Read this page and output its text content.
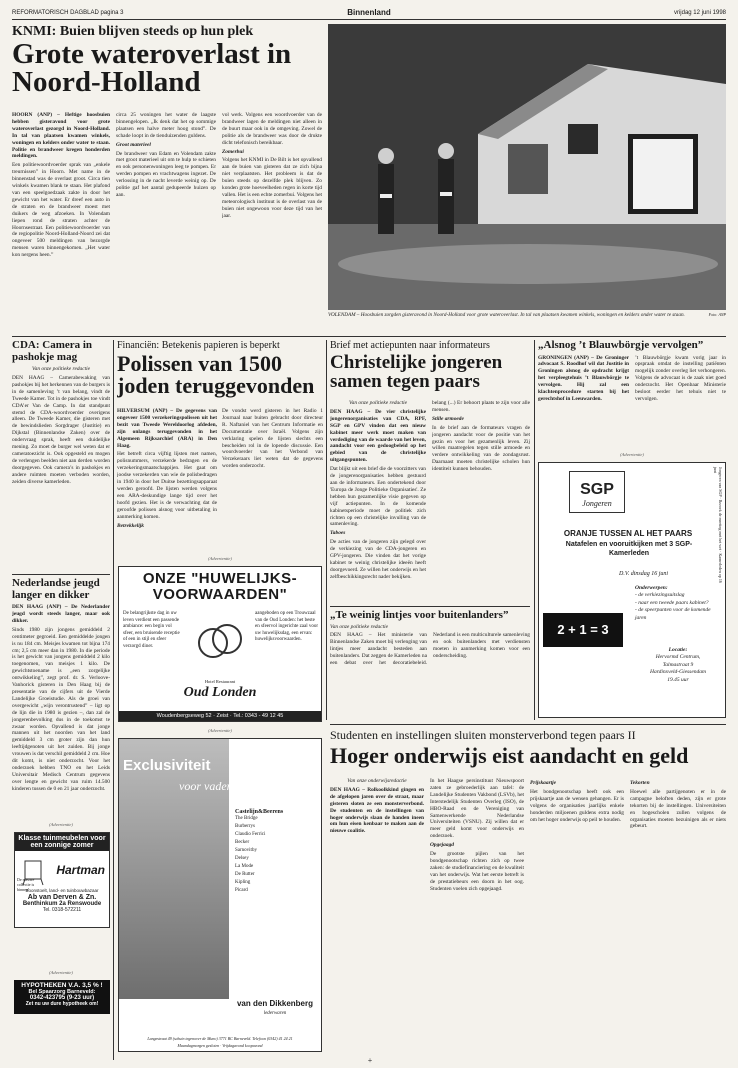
REFORMATORISCH DAGBLAD pagina 3	Binnenland	vrijdag 12 juni 1998
KNMI: Buien blijven steeds op hun plek
Grote wateroverlast in Noord-Holland

HOORN (ANP) – Heftige hoosbuien hebben gisteravond voor grote wateroverlast gezorgd in Noord-Holland. In tal van plaatsen kwamen winkels, woningen en kelders onder water te staan. Politie en brandweer kregen honderden meldingen.

Een politiewoordvoerder sprak van „enkele treurnissen” in Hoorn. Met name in de binnenstad was de overlast groot. Circa tien winkels kwamen blank te staan. Het plafond van een speelgoedzaak zakte in door het gewicht van het water. Er dreef een auto in de straten en de brandweer moest met duikers de weg afzoeken. In Volendam liepen rond de straten achter de Hoornsestraat. Een politiewoordvoerder van de regiopolitie Noord-Holland-Noord zei dat ongeveer 500 meldingen van bezorgde mensen waren binnengekomen. „Het water kon nergens heen.”

circa 25 woningen het water de laagste binnengelopen. „Ik denk dat het op sommige plaatsen een halve meter hoog stond”. De schade loopt in de tienduizenden guldens.

Groot materieel

De brandweer van Edam en Volendam zakte met groot materieel uit om te hulp te schieten en ook personenwoningen leeg te pompen. Er werden pompen en vrachtwagens ingezet. De verlossing in de nacht leverde weinig op. De politie gaf het aantal gedupeerde huizen op aan.

vol werk. Volgens een woordvoerder van de brandweer lagen de meldingen niet alleen in de buurt maar ook in de omgeving. Zowel de politie als de brandweer was door de drukte dicht telefonisch bereikbaar.

Zomerbui

Volgens het KNMI in De Bilt is het opvallend aan de buien van gisteren dat ze zich bijna niet verplaatsten. Het probleem is dat de buien steeds op dezelfde plek blijven. Zo konden grote hoeveelheden regen in korte tijd vallen. Het is een echte zomerbui. Volgens het meteorologisch instituut is de overlast van de buien niet ongewoon voor deze tijd van het jaar.

VOLENDAM – Hoosbuien zorgden gisteravond in Noord-Holland voor grote wateroverlast. In tal van plaatsen kwamen winkels, woningen en kelders onder water te staan.	Foto: ANP
CDA: Camera in pashokje mag
Van onze politieke redactie
DEN HAAG – Camerabewaking van pashokjes bij het herkennen van de burgers is in de samenleving ’t van belang, vindt de Tweede Kamer. Tot in de pashokjes toe vindt CDA’er Van de Camp. In dat standpunt stemd de CDA-woordvoerder overigens alleen. De Tweede Kamer, die gisteren met de bewindslieden Sorgdrager (Justitie) en Dijkstal (Binnenlandse Zaken) over de ondervraag sprak, heeft een duidelijke mening. Zo moet de burger wel weten dat er cameratoezicht is. Ook opgesteld en mogen de verlengen beelden niet aan derden worden doorgegeven. Ook camera’s in pashokjes en andere ruimten moeten verboden worden, zeiden diverse kamerleden.
Nederlandse jeugd langer en dikker
DEN HAAG (ANP) – De Nederlander jeugd wordt steeds langer, maar ook dikker.
Sinds 1980 zijn jongens gemiddeld 2 centimeter gegroeid. Een gemiddelde jongen is nu 184 cm. Meisjes kwamen tot bijna 174 cm; 2,5 cm meer dan in 1980. In die periode is het gewicht van jongens gemiddeld 2 kilo toegenomen, van meisjes 1 kilo. De gewichtstoename is „een zorgelijke ontwikkeling”, zegt prof. dr. S. Verloove-Vanhorick gisteren in Den Haag bij de presentatie van de cijfers uit de Vierde Landelijke Groeistudie. Als de groei van overgewicht „wijn verontrustend” – ligt op de lijn die in 1980 is gezien –, dan zal de jongerenbevolking dus in de toekomst te zwaar worden. Opvallend is dat jonge mannen uit het noorden van het land gemiddeld 3 cm groter zijn dan hun leeftijdgenoten uit het zuiden. Bij jonge vrouwen is dat verschil gemiddeld 2 cm. Hoe dit komt, is niet onderzocht. Voor het onderzoek hebben TNO en het Leids Universitair Medisch Centrum gegevens over lengte en gewicht van ruim 14.500 kinderen tussen de 0 en 21 jaar onderzocht.
(Advertentie)
Klasse tuinmeubelen voor een zonnige zomer
Hartman
De nieuwe collectie is binnen!
Boonstoelt, land- en tuinbouwbazaar
Ab van Derven & Zn.
Benthinkum 2a Renswoude
Tel. 0318-572211
(Advertentie)
HYPOTHEKEN V.A. 3,5 % !
Bel Spaarzorg Barneveld:
0342-423795 (9-23 uur)
Zet nu uw dure hypotheek om!
Financiën: Betekenis papieren is beperkt
Polissen van 1500 joden teruggevonden

HILVERSUM (ANP) – De gegevens van ongeveer 1500 verzekeringspolissen uit het bezit van Tweede Wereldoorlog afdeden, zijn onlangs teruggevonden in het Algemeen Rijksarchief (ARA) in Den Haag.

Het betreft circa vijftig lijsten met namen, polisnummers, verzekerde bedragen en de verzekeringsmaatschappijen. Het gaat om joodse verzekerden van wie de polisbedragen in 1940 in door het Duitse bezettingsapparaat werden geroofd. De lijsten werden volgens een ARA-deskundige lange tijd over het hoofd gezien. Het is de verwachting dat de geroofde polissen alsnog voor uitbetaling in aanmerking komen.

Betrekkelijk

De vondst werd gisteren in het Radio 1 Journaal naar buiten gebracht door directeur R. Naftaniel van het Centrum Informatie en Documentatie over Israël. Volgens zijn verklaring spelen de lijsten slechts een bescheiden rol in de lopende discussie. Een woordvoerder van het Verbond van Verzekeraars liet weten dat de gegevens worden onderzocht.

(Advertentie)
ONZE "HUWELIJKS-VOORWAARDEN"
De belangrijkste dag in uw leven verdient een passende ambiance: een begin vol sfeer, een bruisende receptie of een in stijl en sfeer verzorgd diner.
aangeboden op een Trouwzaal van de Oud Londen: het beste en sfeervol ingerichte zaal voor uw huwelijksdag, een ervan: huwelijksvoorwaarden.
Hotel Restaurant
Oud Londen
Woudenbergseweg 52 · Zeist · Tel.: 0343 - 49 12 45
(Advertentie)
Exclusiviteit
voor vader
Castelijn&Beerens
The Bridge
Burberrys
Claudio Ferrici
Becker
Sarnovitby
Delsey
La Mode
De Rutter
Kipling
Picard
van den Dikkenberg
lederwaren
Langestraat 49 (schuin tegenover de Muno) 3771 BC Barneveld. Telefoon (0342) 41 24 21
Maandagmorgen gesloten · Vrijdagavond koopavond
Brief met actiepunten naar informateurs
Christelijke jongeren samen tegen paars

Van onze politieke redactie

DEN HAAG – De vier christelijke jongerenorganisaties van CDA, RPF, SGP en GPV vinden dat een nieuw kabinet meer werk moet maken van verdediging van de waarde van het leven, aandacht voor een gedoogbeleid op het gebied van de christelijke uitgangspunten.

Dat blijkt uit een brief die de voorzitters van de jongerenorganisaties hebben gestuurd aan de informateurs. Een ondertekend door 'Europa de Jonge Politieke Organisaties'. Ze hebben hun gezamenlijke visie gegeven op vijf actiepunten. In de komende kabinetsperiode moet de politiek zich richten op een christelijke invulling van de samenleving.

Taboes

De acties van de jongeren zijn gelegd over de verkiezing van de CDA-jongeren en GPV-jongeren. Die vinden dat het vorige kabinet te weinig christelijke ideeën heeft doorgevoerd. Ze willen het onderwijs en het zelfbeschikkingsrecht nader bekijken.

belang (...) Er behoort plaats te zijn voor alle mensen.

Stille armoede

In de brief aan de formateurs vragen de jongeren aandacht voor de positie van het gezin en voor het gezamenlijk leven. Zij willen maatregelen tegen stille armoede en verdere ontwikkeling van de zondagsrust. Daarnaast moeten christelijke scholen hun identiteit kunnen behouden.

„Te weinig lintjes voor buitenlanders”
Van onze politieke redactie
DEN HAAG – Het ministerie van Binnenlandse Zaken moet bij verlenging van lintjes meer aandacht besteden aan buitenlanders. Dat zeggen de Kamerleden na een debat over het decoratiebeleid. Nederland is een multiculturele samenleving en ook buitenlanders met verdiensten moeten in aanmerking komen voor een onderscheiding.
„Alsnog ’t Blauwbörgje vervolgen”

GRONINGEN (ANP) – De Groninger advocaat S. Roodhof wil dat Justitie in Groningen alsnog de opdracht krijgt het verpleegtehuis ’t Blauwbörgje te vervolgen. Hij zal een klachtenprocedure starten bij het gerechtshof in Leeuwarden.

’t Blauwbörgje kwam vorig jaar in opspraak omdat de instelling patiënten mogelijk zonder overleg liet verhongeren. Volgens de advocaat is de zaak niet goed onderzocht. Het Openbaar Ministerie besloot eerder het tehuis niet te vervolgen.

(Advertentie)
SGP
Jongeren	Jongeren van SGP · Bezoek de meeting met het wet · Kamerleden op 16 juni
ORANJE TUSSEN AL HET PAARS
Natafelen en vooruitkijken met 3 SGP-Kamerleden
D.V. dinsdag 16 juni
Onderwerpen:
- de verkiezingsuitslag
- naar een tweede paars kabinet?
- de speerpunten voor de komende jaren
2 + 1 = 3
Locatie:
Hervormd Centrum,
Talmastraat 9
Hardinxveld-Giessendam
19.45 uur
Studenten en instellingen sluiten monsterverbond tegen paars II
Hoger onderwijs eist aandacht en geld

Van onze onderwijsredactie

DEN HAAG – Rolkoolkkind gingen en de afgelopen jaren over de straat, maar gisteren sloten ze een monsterverbond. De studenten en de instellingen van hoger onderwijs slaan de handen ineen om hun eisen kenbaar te maken aan de nieuwe coalitie.

In het Haagse persinstituut Nieuwspoort zaten ze gebroederlijk aan tafel: de Landelijke Studenten Vakbond (LSVb), het Interstedelijk Studenten Overleg (ISO), de HBO-Raad en de Vereniging van Samenwerkende Nederlandse Universiteiten (VSNU). Zij willen dat er meer geld komt voor onderwijs en onderzoek.

Opgejaagd

De grootste pijlen van het bondgenootschap richten zich op twee zaken: de studiefinanciering en de kwaliteit van het onderwijs. Wat het eerste betreft is de prestatiebeurs een doorn in het oog. Studenten voelen zich opgejaagd.

Prijskaartje

Het bondgenootschap heeft ook een prijskaartje aan de wensen gehangen. Er is volgens de organisaties jaarlijks enkele honderden miljoenen guldens extra nodig om het hoger onderwijs op peil te houden.

Tekorten

Hoewel alle partijgenoten er in de campagne beloften deden, zijn er grote tekorten bij de instellingen. Universiteiten en hogescholen zullen volgens de organisaties moeten bezuinigen als er niets gebeurt.

+
